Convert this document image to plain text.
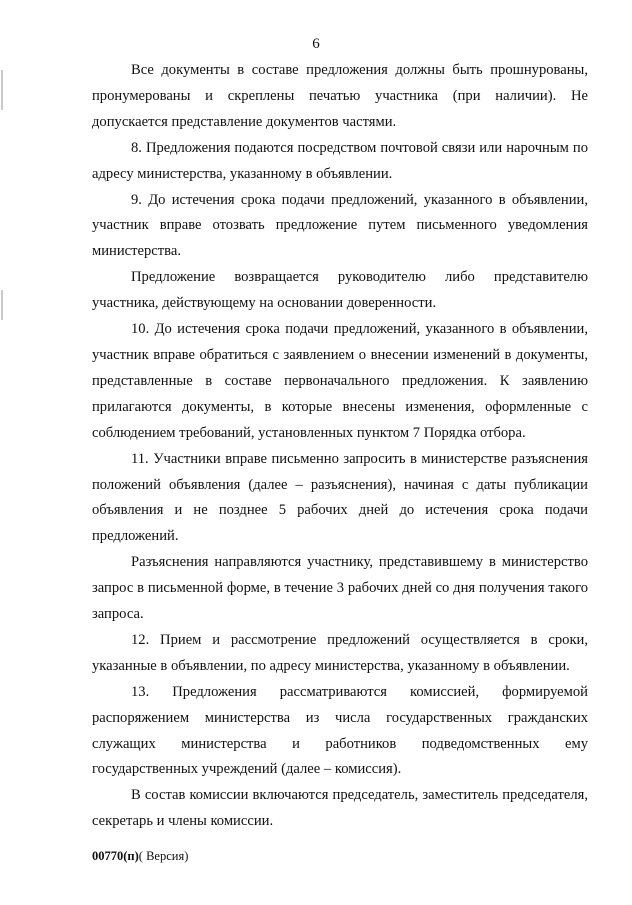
6

Все документы в составе предложения должны быть прошнурованы, пронумерованы и скреплены печатью участника (при наличии). Не допускается представление документов частями.

8. Предложения подаются посредством почтовой связи или нарочным по адресу министерства, указанному в объявлении.

9. До истечения срока подачи предложений, указанного в объявлении, участник вправе отозвать предложение путем письменного уведомления министерства.

Предложение возвращается руководителю либо представителю участника, действующему на основании доверенности.

10. До истечения срока подачи предложений, указанного в объявлении, участник вправе обратиться с заявлением о внесении изменений в документы, представленные в составе первоначального предложения. К заявлению прилагаются документы, в которые внесены изменения, оформленные с соблюдением требований, установленных пунктом 7 Порядка отбора.

11. Участники вправе письменно запросить в министерстве разъяснения положений объявления (далее – разъяснения), начиная с даты публикации объявления и не позднее 5 рабочих дней до истечения срока подачи предложений.

Разъяснения направляются участнику, представившему в министерство запрос в письменной форме, в течение 3 рабочих дней со дня получения такого запроса.

12. Прием и рассмотрение предложений осуществляется в сроки, указанные в объявлении, по адресу министерства, указанному в объявлении.

13. Предложения рассматриваются комиссией, формируемой распоряжением министерства из числа государственных гражданских служащих министерства и работников подведомственных ему государственных учреждений (далее – комиссия).

В состав комиссии включаются председатель, заместитель председателя, секретарь и члены комиссии.

00770(п)( Версия)
